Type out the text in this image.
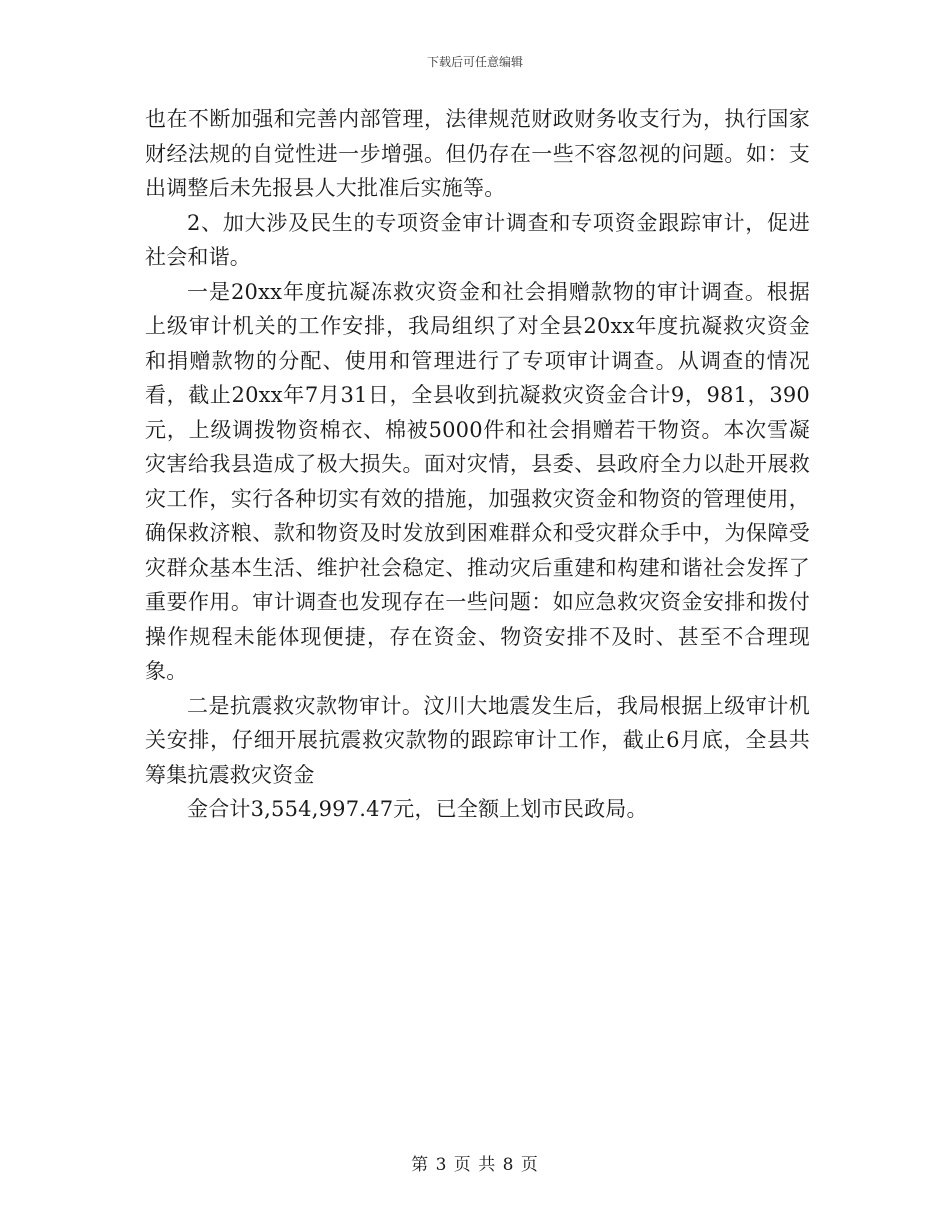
下载后可任意编辑

也在不断加强和完善内部管理，法律规范财政财务收支行为，执行国家财经法规的自觉性进一步增强。但仍存在一些不容忽视的问题。如：支出调整后未先报县人大批准后实施等。

2、加大涉及民生的专项资金审计调查和专项资金跟踪审计，促进社会和谐。

一是20xx年度抗凝冻救灾资金和社会捐赠款物的审计调查。根据上级审计机关的工作安排，我局组织了对全县20xx年度抗凝救灾资金和捐赠款物的分配、使用和管理进行了专项审计调查。从调查的情况看，截止20xx年7月31日，全县收到抗凝救灾资金合计9，981，390元，上级调拨物资棉衣、棉被5000件和社会捐赠若干物资。本次雪凝灾害给我县造成了极大损失。面对灾情，县委、县政府全力以赴开展救灾工作，实行各种切实有效的措施，加强救灾资金和物资的管理使用，确保救济粮、款和物资及时发放到困难群众和受灾群众手中，为保障受灾群众基本生活、维护社会稳定、推动灾后重建和构建和谐社会发挥了重要作用。审计调查也发现存在一些问题：如应急救灾资金安排和拨付操作规程未能体现便捷，存在资金、物资安排不及时、甚至不合理现象。

二是抗震救灾款物审计。汶川大地震发生后，我局根据上级审计机关安排，仔细开展抗震救灾款物的跟踪审计工作，截止6月底，全县共筹集抗震救灾资金

金合计3,554,997.47元，已全额上划市民政局。

第 3 页 共 8 页
